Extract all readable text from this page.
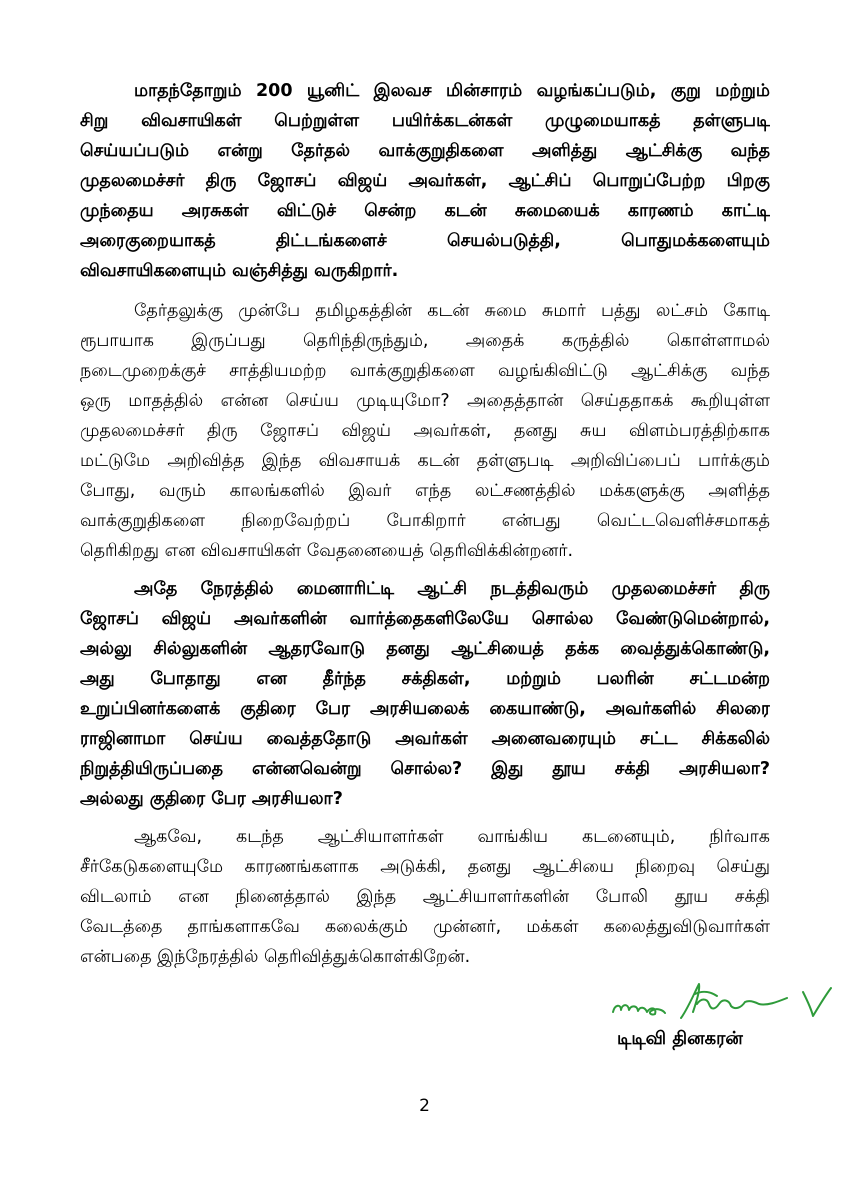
மாதந்தோறும் 200 யூனிட் இலவச மின்சாரம் வழங்கப்படும், குறு மற்றும்
சிறு விவசாயிகள் பெற்றுள்ள பயிர்க்கடன்கள் முழுமையாகத் தள்ளுபடி
செய்யப்படும் என்று தேர்தல் வாக்குறுதிகளை அளித்து ஆட்சிக்கு வந்த
முதலமைச்சர் திரு ஜோசப் விஜய் அவர்கள், ஆட்சிப் பொறுப்பேற்ற பிறகு
முந்தைய அரசுகள் விட்டுச் சென்ற கடன் சுமையைக் காரணம் காட்டி
அரைகுறையாகத் திட்டங்களைச் செயல்படுத்தி, பொதுமக்களையும்
விவசாயிகளையும் வஞ்சித்து வருகிறார்.
தேர்தலுக்கு முன்பே தமிழகத்தின் கடன் சுமை சுமார் பத்து லட்சம் கோடி
ரூபாயாக இருப்பது தெரிந்திருந்தும், அதைக் கருத்தில் கொள்ளாமல்
நடைமுறைக்குச் சாத்தியமற்ற வாக்குறுதிகளை வழங்கிவிட்டு ஆட்சிக்கு வந்த
ஒரு மாதத்தில் என்ன செய்ய முடியுமோ? அதைத்தான் செய்ததாகக் கூறியுள்ள
முதலமைச்சர் திரு ஜோசப் விஜய் அவர்கள், தனது சுய விளம்பரத்திற்காக
மட்டுமே அறிவித்த இந்த விவசாயக் கடன் தள்ளுபடி அறிவிப்பைப் பார்க்கும்
போது, வரும் காலங்களில் இவர் எந்த லட்சணத்தில் மக்களுக்கு அளித்த
வாக்குறுதிகளை நிறைவேற்றப் போகிறார் என்பது வெட்டவெளிச்சமாகத்
தெரிகிறது என விவசாயிகள் வேதனையைத் தெரிவிக்கின்றனர்.
அதே நேரத்தில் மைனாரிட்டி ஆட்சி நடத்திவரும் முதலமைச்சர் திரு
ஜோசப் விஜய் அவர்களின் வார்த்தைகளிலேயே சொல்ல வேண்டுமென்றால்,
அல்லு சில்லுகளின் ஆதரவோடு தனது ஆட்சியைத் தக்க வைத்துக்கொண்டு,
அது போதாது என தீர்ந்த சக்திகள், மற்றும் பலரின் சட்டமன்ற
உறுப்பினர்களைக் குதிரை பேர அரசியலைக் கையாண்டு, அவர்களில் சிலரை
ராஜினாமா செய்ய வைத்ததோடு அவர்கள் அனைவரையும் சட்ட சிக்கலில்
நிறுத்தியிருப்பதை என்னவென்று சொல்ல? இது தூய சக்தி அரசியலா?
அல்லது குதிரை பேர அரசியலா?
ஆகவே, கடந்த ஆட்சியாளர்கள் வாங்கிய கடனையும், நிர்வாக
சீர்கேடுகளையுமே காரணங்களாக அடுக்கி, தனது ஆட்சியை நிறைவு செய்து
விடலாம் என நினைத்தால் இந்த ஆட்சியாளர்களின் போலி தூய சக்தி
வேடத்தை தாங்களாகவே கலைக்கும் முன்னர், மக்கள் கலைத்துவிடுவார்கள்
என்பதை இந்நேரத்தில் தெரிவித்துக்கொள்கிறேன்.
டிடிவி தினகரன்
2
